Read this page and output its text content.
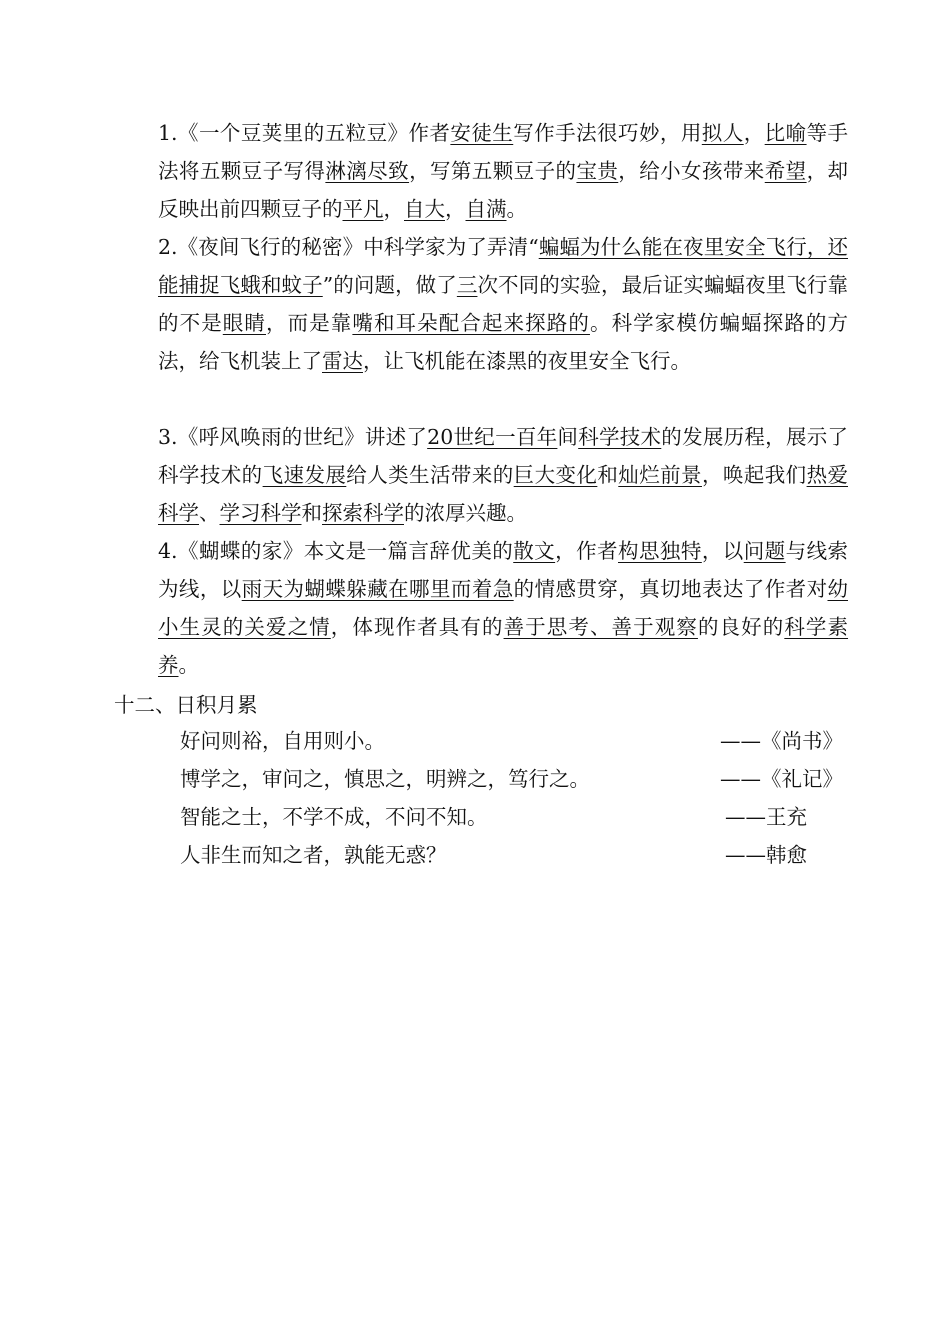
1.《一个豆荚里的五粒豆》作者安徒生写作手法很巧妙，用拟人，比喻等手法将五颗豆子写得淋漓尽致，写第五颗豆子的宝贵，给小女孩带来希望，却反映出前四颗豆子的平凡，自大，自满。
2.《夜间飞行的秘密》中科学家为了弄清“蝙蝠为什么能在夜里安全飞行，还能捕捉飞蛾和蚊子”的问题，做了三次不同的实验，最后证实蝙蝠夜里飞行靠的不是眼睛，而是靠嘴和耳朵配合起来探路的。科学家模仿蝙蝠探路的方法，给飞机装上了雷达，让飞机能在漆黑的夜里安全飞行。
3.《呼风唤雨的世纪》讲述了20世纪一百年间科学技术的发展历程，展示了科学技术的飞速发展给人类生活带来的巨大变化和灿烂前景，唤起我们热爱科学、学习科学和探索科学的浓厚兴趣。
4.《蝴蝶的家》本文是一篇言辞优美的散文，作者构思独特，以问题与线索为线，以雨天为蝴蝶躲藏在哪里而着急的情感贯穿，真切地表达了作者对幼小生灵的关爱之情，体现作者具有的善于思考、善于观察的良好的科学素养。
十二、日积月累
好问则裕，自用则小。	——《尚书》
博学之，审问之，慎思之，明辨之，笃行之。	——《礼记》
智能之士，不学不成，不问不知。	——王充
人非生而知之者，孰能无惑？	——韩愈
